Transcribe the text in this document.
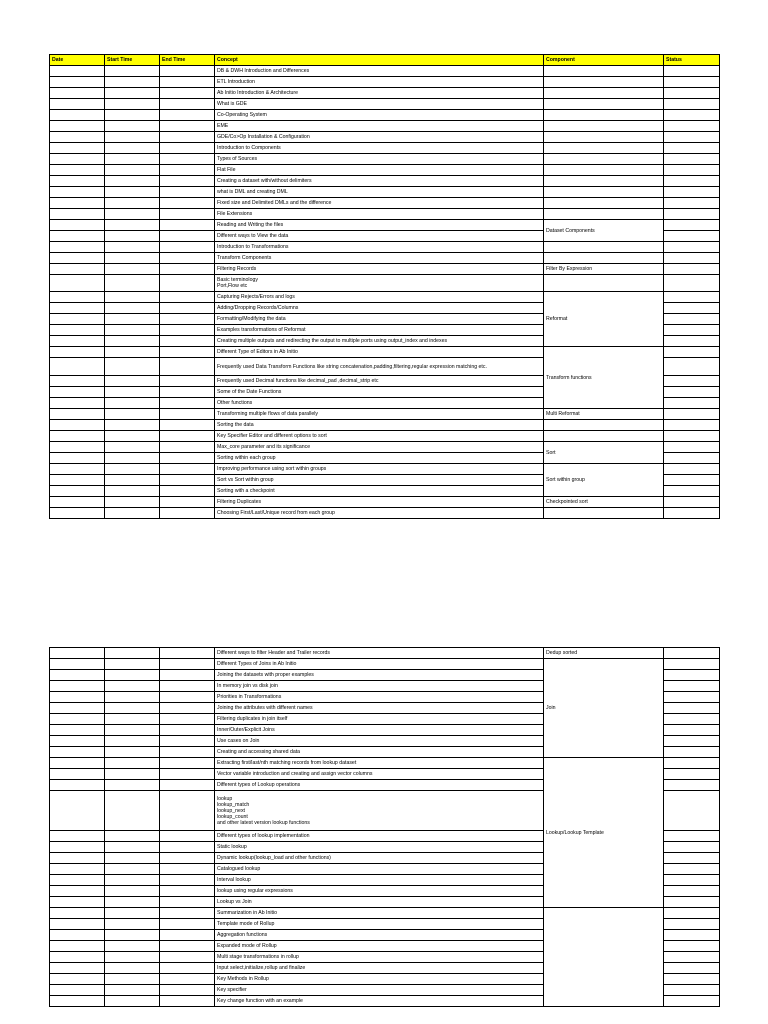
Date	Start Time	End Time	Concept	Component	Status
			DB & DWH Introduction and Differences		
			ETL Introduction		
			Ab Initio Introduction & Architecture		
			What is GDE		
			Co-Operating System		
			EME		
			GDE/Co>Op Installation & Configuration		
			Introduction to Components		
			Types of Sources		
			Flat File		
			Creating a dataset with/without delimiters		
			what is DML and creating DML		
			Fixed size and Delimited DMLs and the difference		
			File Extensions		
			Reading and Writing the files	Dataset Components	
			Different ways to View the data		
			Introduction to Transformations		
			Transform Components		
			Filtering Records	Filter By Expression	
			Basic terminology
Port,Flow etc		
			Capturing Rejects/Errors and logs	Reformat	
			Adding/Dropping Records/Columns		
			Formatting/Modifying the data		
			Examples transformations of Reformat		
			Creating multiple outputs and redirecting the output to multiple ports using output_index and indexes		
			Different Type of Editors in Ab Initio	Transform functions	
			Frequently used Data Transform Functions like string concatenation,padding,filtering,regular expression matching etc.		
			Frequently used Decimal functions like decimal_pad ,decimal_strip etc		
			Some of the Date Functions		
			Other functions		
			Transforming multiple flows of data parallely	Multi Reformat	
			Sorting the data		
			Key Specifier Editor and different options to sort		
			Max_core parameter and its significance	Sort	
			Sorting within each group		
			Improving performance using sort within groups	Sort within group	
			Sort vs Sort within group		
			Sorting with a checkpoint		
			Filtering Duplicates	Checkpointed sort	
			Choosing First/Last/Unique record from each group		
			Different ways to filter Header and Trailer records	Dedup sorted	
			Different Types of Joins in Ab Initio	Join	
			Joining the datasets with proper examples		
			In memory join vs disk join		
			Priorities in Transformations		
			Joining the attributes with different names		
			Filtering duplicates in join itself		
			Inner/Outer/Explicit Joins		
			Use cases on Join		
			Creating and accessing shared data		
			Extracting first/last/nth matching records from lookup dataset	Lookup/Lookup Template	
			Vector variable introduction and creating and assign vector columns		
			Different types of Lookup operations		
			lookup
lookup_match
lookup_next
lookup_count
and other latest version lookup functions		
			Different types of lookup implementation		
			Static lookup		
			Dynamic lookup(lookup_load and other functions)		
			Catalogued lookup		
			Interval lookup		
			lookup using regular expressions		
			Lookup vs Join		
			Summarization in Ab Initio		
			Template mode of Rollup		
			Aggregation functions		
			Expanded mode of Rollup		
			Multi stage transformations in rollup		
			Input select,initialize,rollup and finalize		
			Key Methods in Rollup		
			Key specifier		
			Key change function with an example		
